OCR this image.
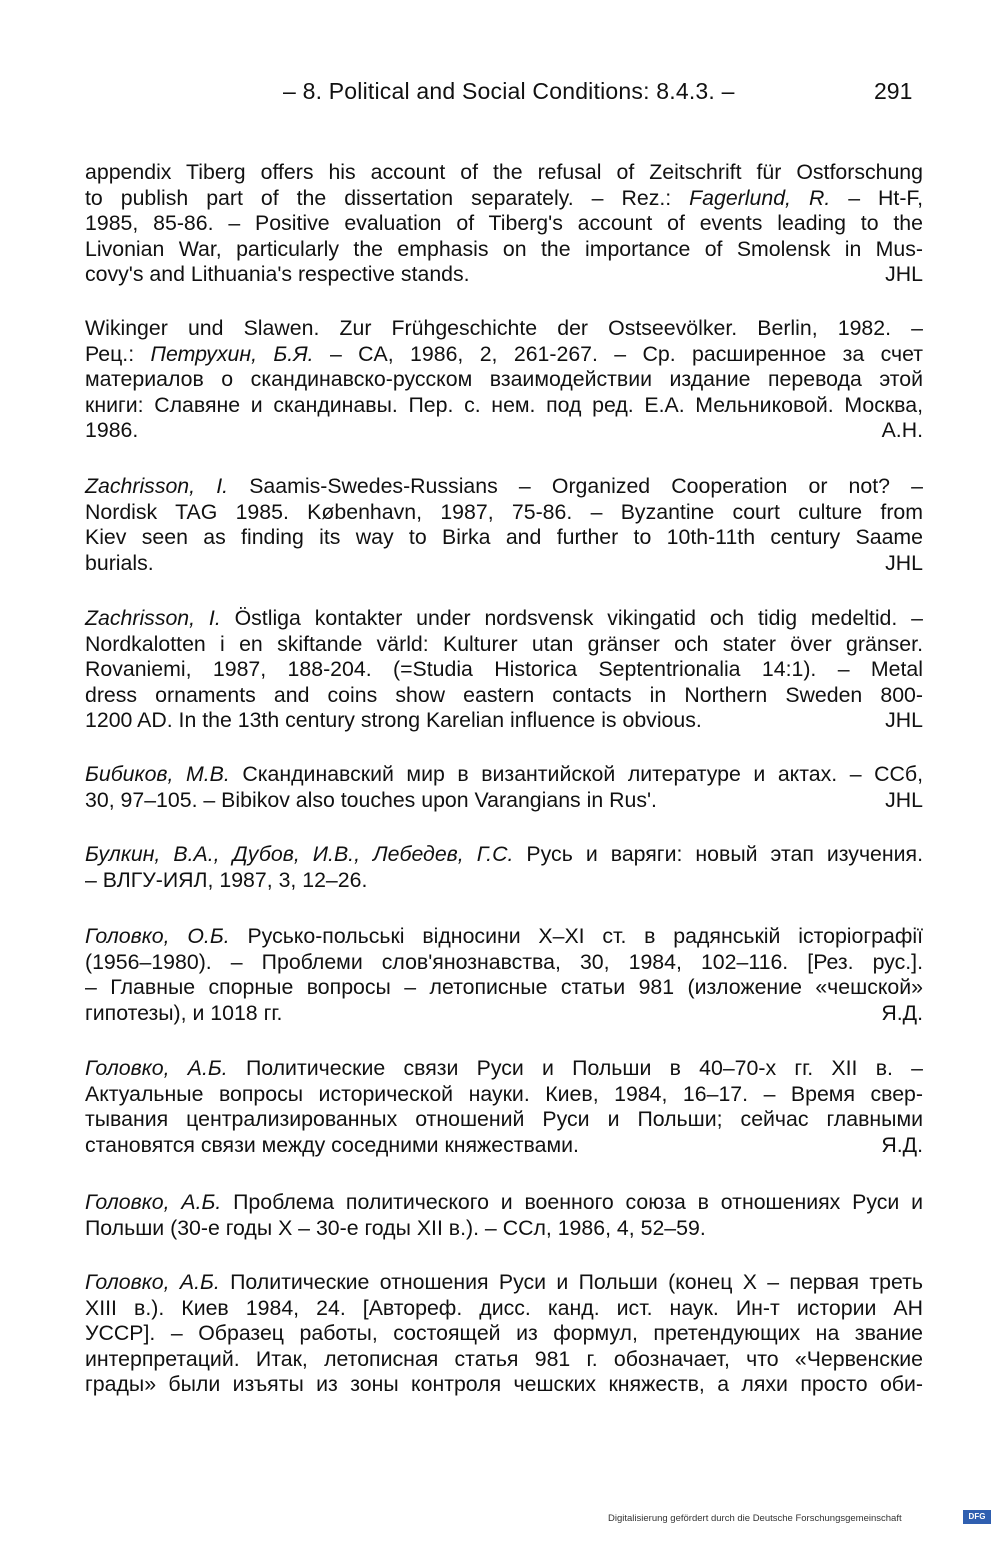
– 8. Political and Social Conditions: 8.4.3. –	291
appendix Tiberg offers his account of the refusal of Zeitschrift für Ostforschung
to publish part of the dissertation separately. – Rez.: Fagerlund, R. – Ht-F,
1985, 85-86. – Positive evaluation of Tiberg's account of events leading to the
Livonian War, particularly the emphasis on the importance of Smolensk in Mus-
covy's and Lithuania's respective stands.	JHL
Wikinger und Slawen. Zur Frühgeschichte der Ostseevölker. Berlin, 1982. –
Рец.: Петрухин, Б.Я. – CA, 1986, 2, 261-267. – Ср. расширенное за счет
материалов о скандинавско-русском взаимодействии издание перевода этой
книги: Славяне и скандинавы. Пер. с. нем. под ред. Е.А. Мельниковой. Москва,
1986.	А.Н.
Zachrisson, I. Saamis-Swedes-Russians – Organized Cooperation or not? –
Nordisk TAG 1985. København, 1987, 75-86. – Byzantine court culture from
Kiev seen as finding its way to Birka and further to 10th-11th century Saame
burials.	JHL
Zachrisson, I. Östliga kontakter under nordsvensk vikingatid och tidig medeltid. –
Nordkalotten i en skiftande värld: Kulturer utan gränser och stater över gränser.
Rovaniemi, 1987, 188-204. (=Studia Historica Septentrionalia 14:1). – Metal
dress ornaments and coins show eastern contacts in Northern Sweden 800-
1200 AD. In the 13th century strong Karelian influence is obvious.	JHL
Бибиков, М.В. Скандинавский мир в византийской литературе и актах. – ССб,
30, 97–105. – Bibikov also touches upon Varangians in Rus'.	JHL
Булкин, В.А., Дубов, И.В., Лебедев, Г.С. Русь и варяги: новый этап изучения.
– ВЛГУ-ИЯЛ, 1987, 3, 12–26.
Головко, О.Б. Русько-польськi вiдносини X–XI ст. в радянськiй iсторiографiї
(1956–1980). – Проблеми слов'янознавства, 30, 1984, 102–116. [Рез. рус.].
– Главные спорные вопросы – летописные статьи 981 (изложение «чешской»
гипотезы), и 1018 гг.	Я.Д.
Головко, А.Б. Политические связи Руси и Польши в 40–70-х гг. XII в. –
Актуальные вопросы исторической науки. Киев, 1984, 16–17. – Время свер-
тывания централизированных отношений Руси и Польши; сейчас главными
становятся связи между соседними княжествами.	Я.Д.
Головко, А.Б. Проблема политического и военного союза в отношениях Руси и
Польши (30-е годы X – 30-е годы XII в.). – ССл, 1986, 4, 52–59.
Головко, А.Б. Политические отношения Руси и Польши (конец X – первая треть
XIII в.). Киев 1984, 24. [Автореф. дисс. канд. ист. наук. Ин-т истории АН
УССР]. – Образец работы, состоящей из формул, претендующих на звание
интерпретаций. Итак, летописная статья 981 г. обозначает, что «Червенские
грады» были изъяты из зоны контроля чешских княжеств, а ляхи просто оби-
Digitalisierung gefördert durch die Deutsche Forschungsgemeinschaft	DFG
